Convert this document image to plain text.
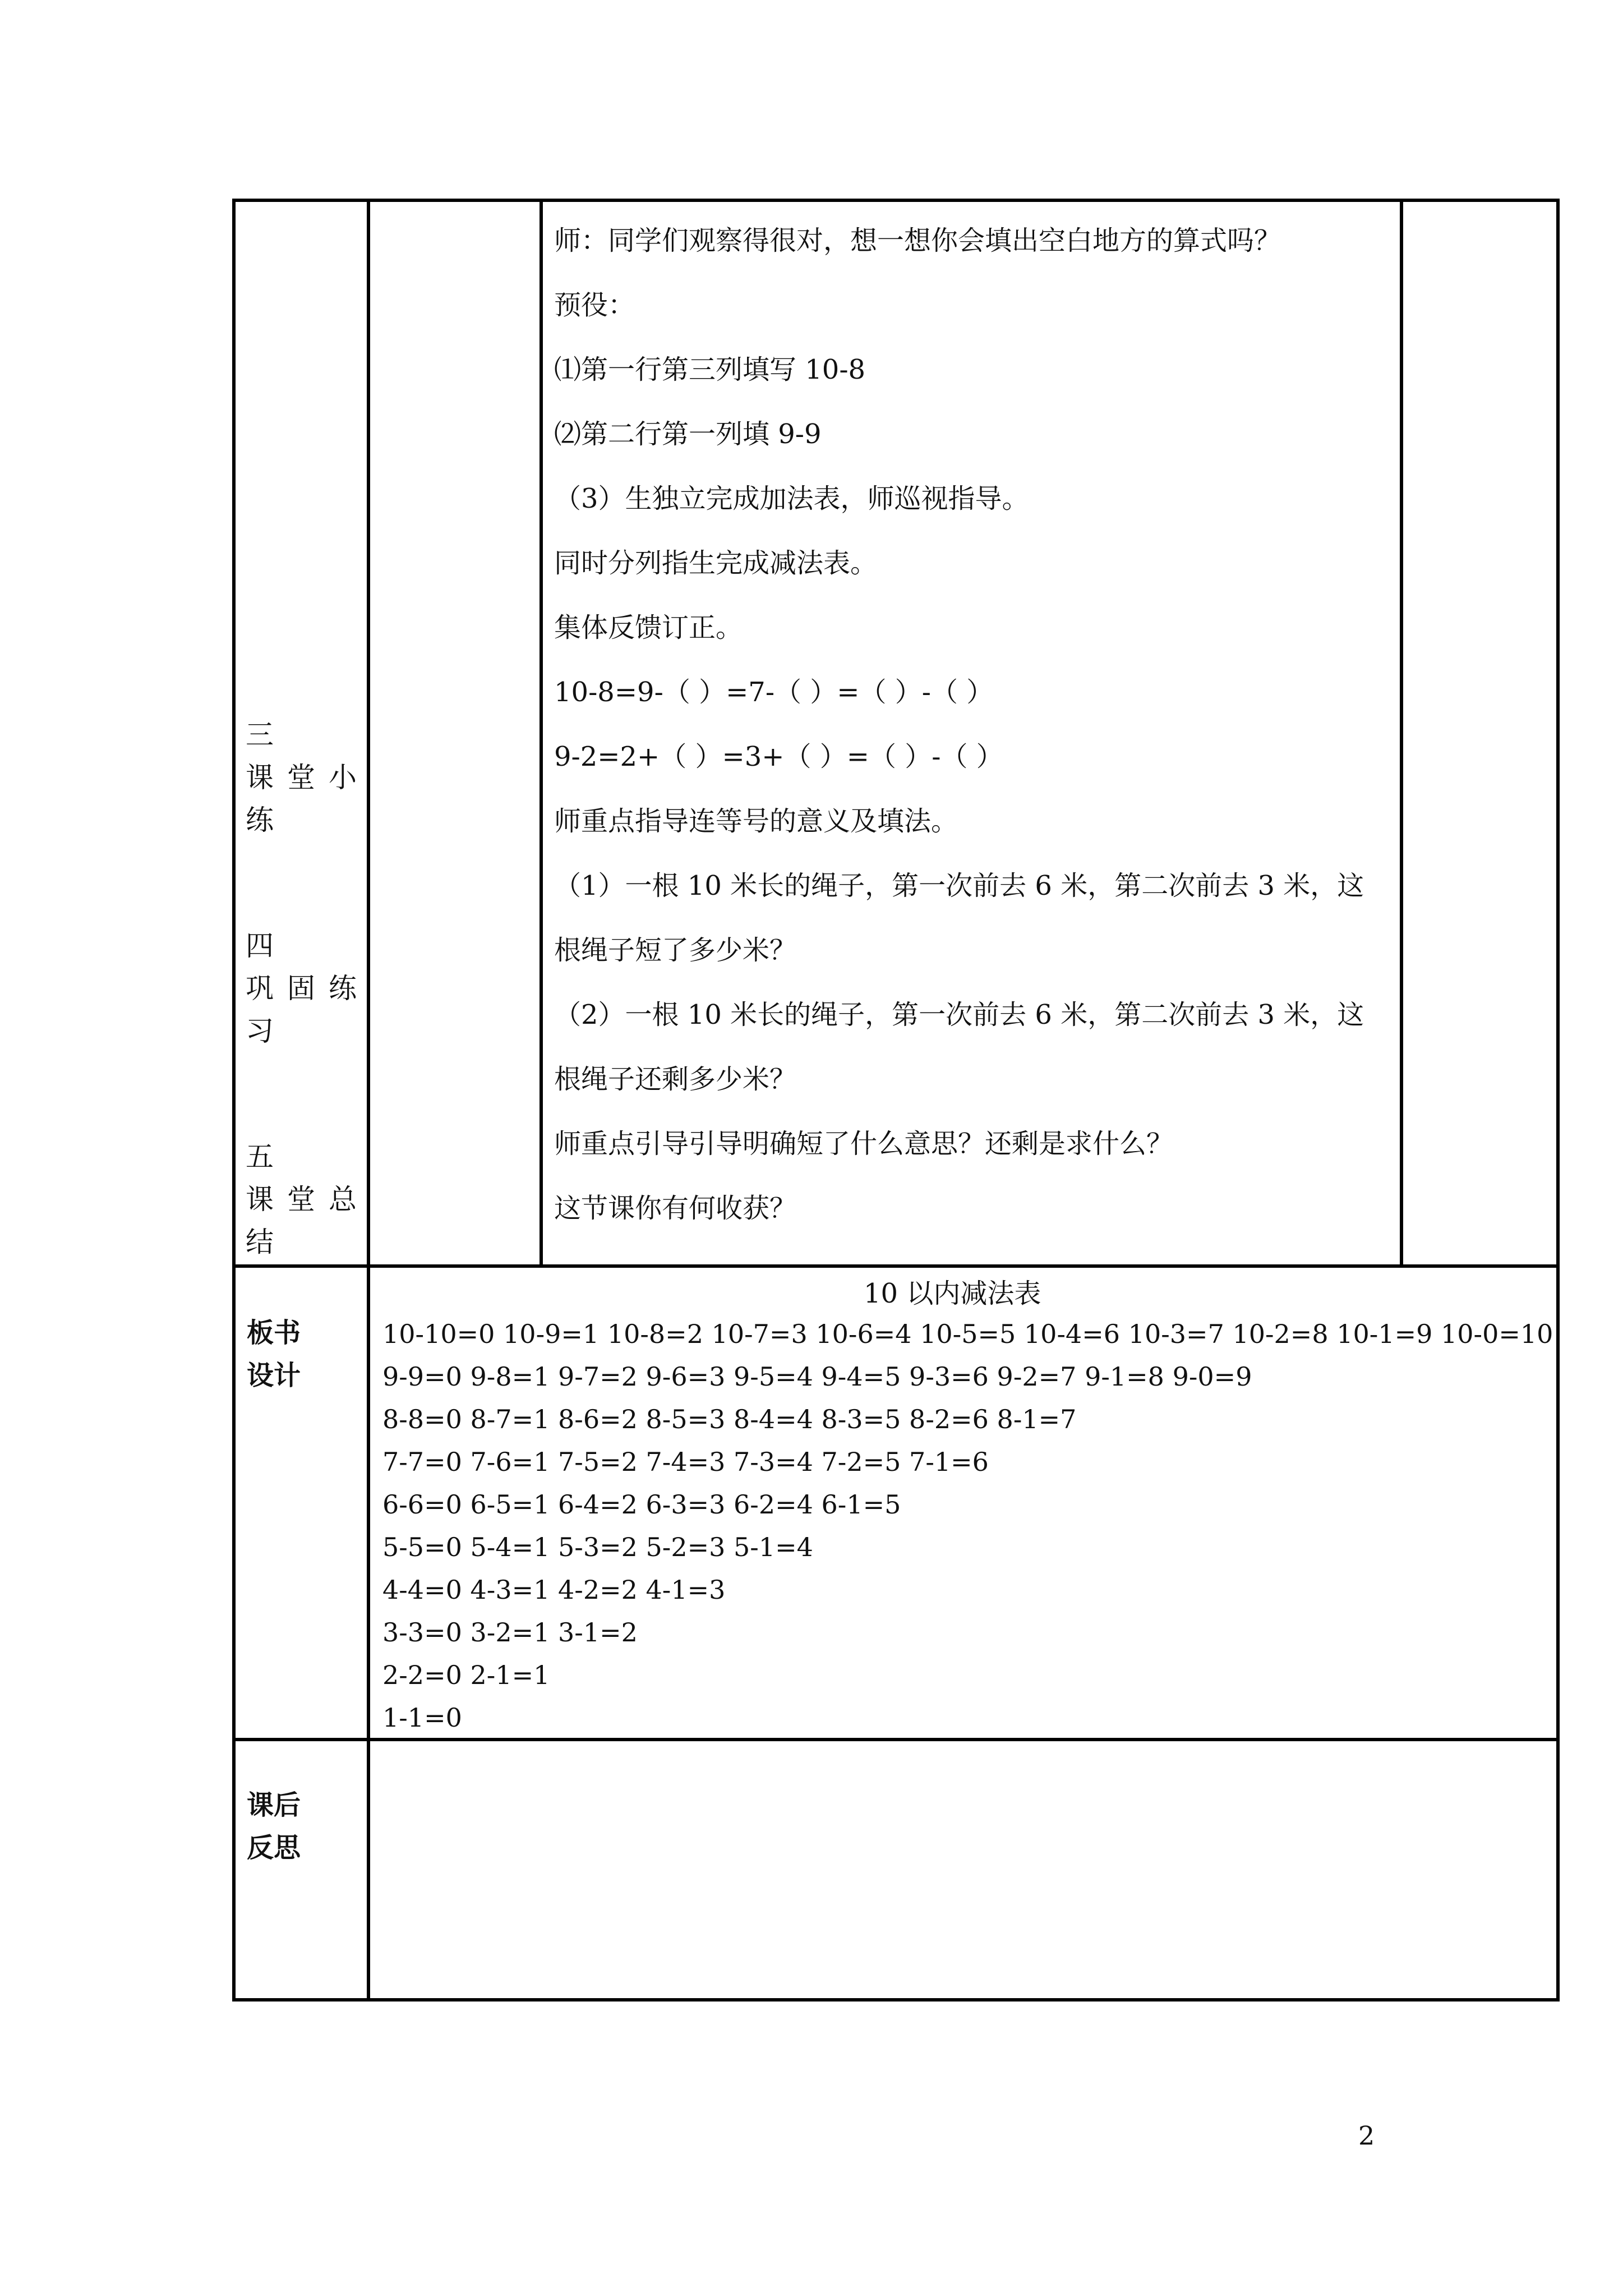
三
课 堂 小 练
四
巩 固 练 习
五
课 堂 总 结
师：同学们观察得很对，想一想你会填出空白地方的算式吗？
预役：
⑴第一行第三列填写 10-8
⑵第二行第一列填 9-9
（3）生独立完成加法表，师巡视指导。
同时分列指生完成减法表。
集体反馈订正。
10-8=9-（ ）=7-（ ）=（ ）-（ ）
9-2=2+（ ）=3+（ ）=（ ）-（ ）
师重点指导连等号的意义及填法。
（1）一根 10 米长的绳子，第一次前去 6 米，第二次前去 3 米，这
根绳子短了多少米？
（2）一根 10 米长的绳子，第一次前去 6 米，第二次前去 3 米，这
根绳子还剩多少米？
师重点引导引导明确短了什么意思？还剩是求什么？
这节课你有何收获？
板书
设计
10 以内减法表
10-10=0 10-9=1 10-8=2 10-7=3 10-6=4 10-5=5 10-4=6 10-3=7 10-2=8 10-1=9 10-0=10
9-9=0 9-8=1 9-7=2 9-6=3 9-5=4 9-4=5 9-3=6 9-2=7 9-1=8 9-0=9
8-8=0 8-7=1 8-6=2 8-5=3 8-4=4 8-3=5 8-2=6 8-1=7
7-7=0 7-6=1 7-5=2 7-4=3 7-3=4 7-2=5 7-1=6
6-6=0 6-5=1 6-4=2 6-3=3 6-2=4 6-1=5
5-5=0 5-4=1 5-3=2 5-2=3 5-1=4
4-4=0 4-3=1 4-2=2 4-1=3
3-3=0 3-2=1 3-1=2
2-2=0 2-1=1
1-1=0
课后
反思
2
